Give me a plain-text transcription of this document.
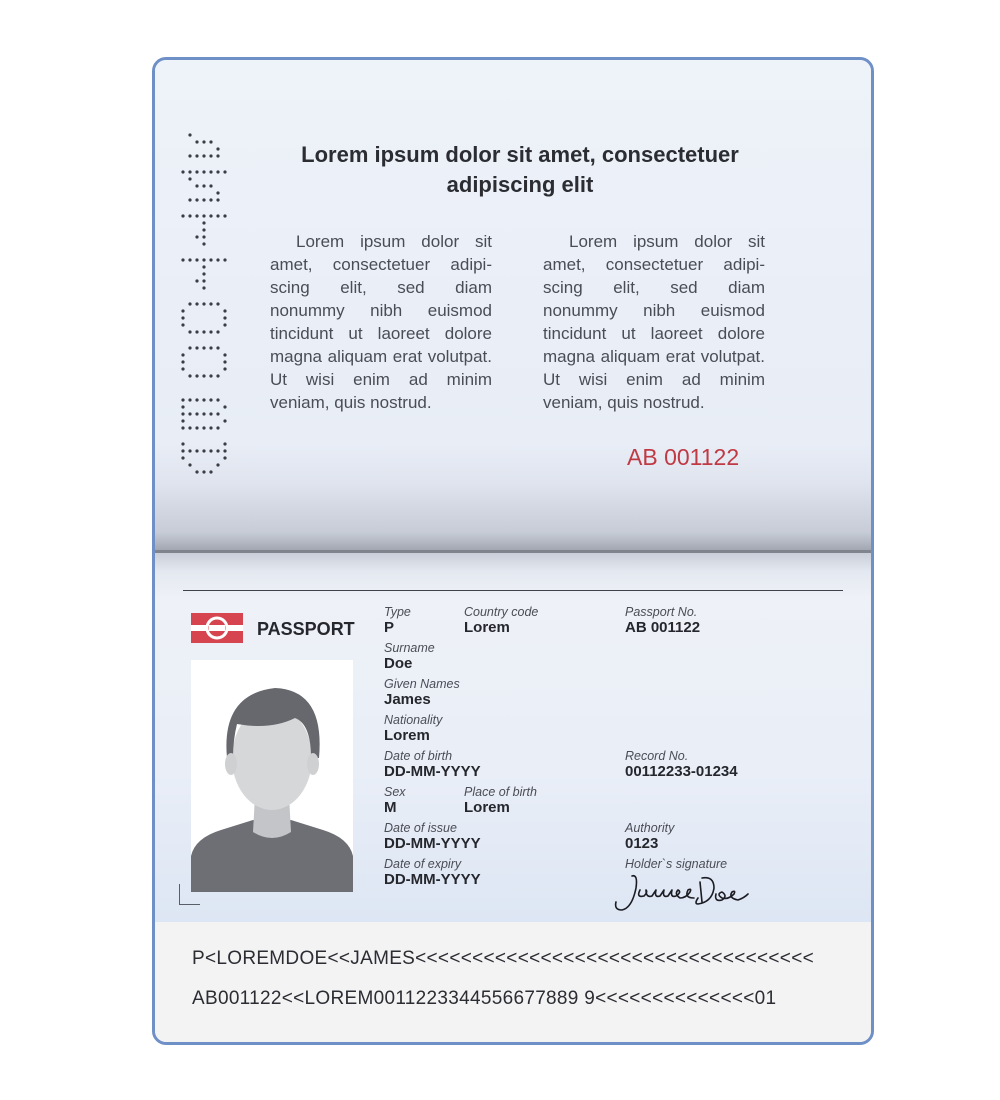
Lorem ipsum dolor sit amet, consectetuer adipiscing elit
Lorem ipsum dolor sit amet, consectetuer adipiscing elit, sed diam nonummy nibh euismod tincidunt ut laoreet dolore magna aliquam erat volutpat. Ut wisi enim ad minim veniam, quis nostrud.
Lorem ipsum dolor sit amet, consectetuer adipiscing elit, sed diam nonummy nibh euismod tincidunt ut laoreet dolore magna aliquam erat volutpat. Ut wisi enim ad minim veniam, quis nostrud.
AB 001122
PASSPORT
Type
P
Country code
Lorem
Passport No.
AB 001122
Surname
Doe
Given Names
James
Nationality
Lorem
Date of birth
DD-MM-YYYY
Record No.
00112233-01234
Sex
M
Place of birth
Lorem
Date of issue
DD-MM-YYYY
Authority
0123
Date of expiry
DD-MM-YYYY
Holder`s signature
P<LOREMDOE<<JAMES<<<<<<<<<<<<<<<<<<<<<<<<<<<<<<<<<<<
AB001122<<LOREM0011223344556677889 9<<<<<<<<<<<<<<01
